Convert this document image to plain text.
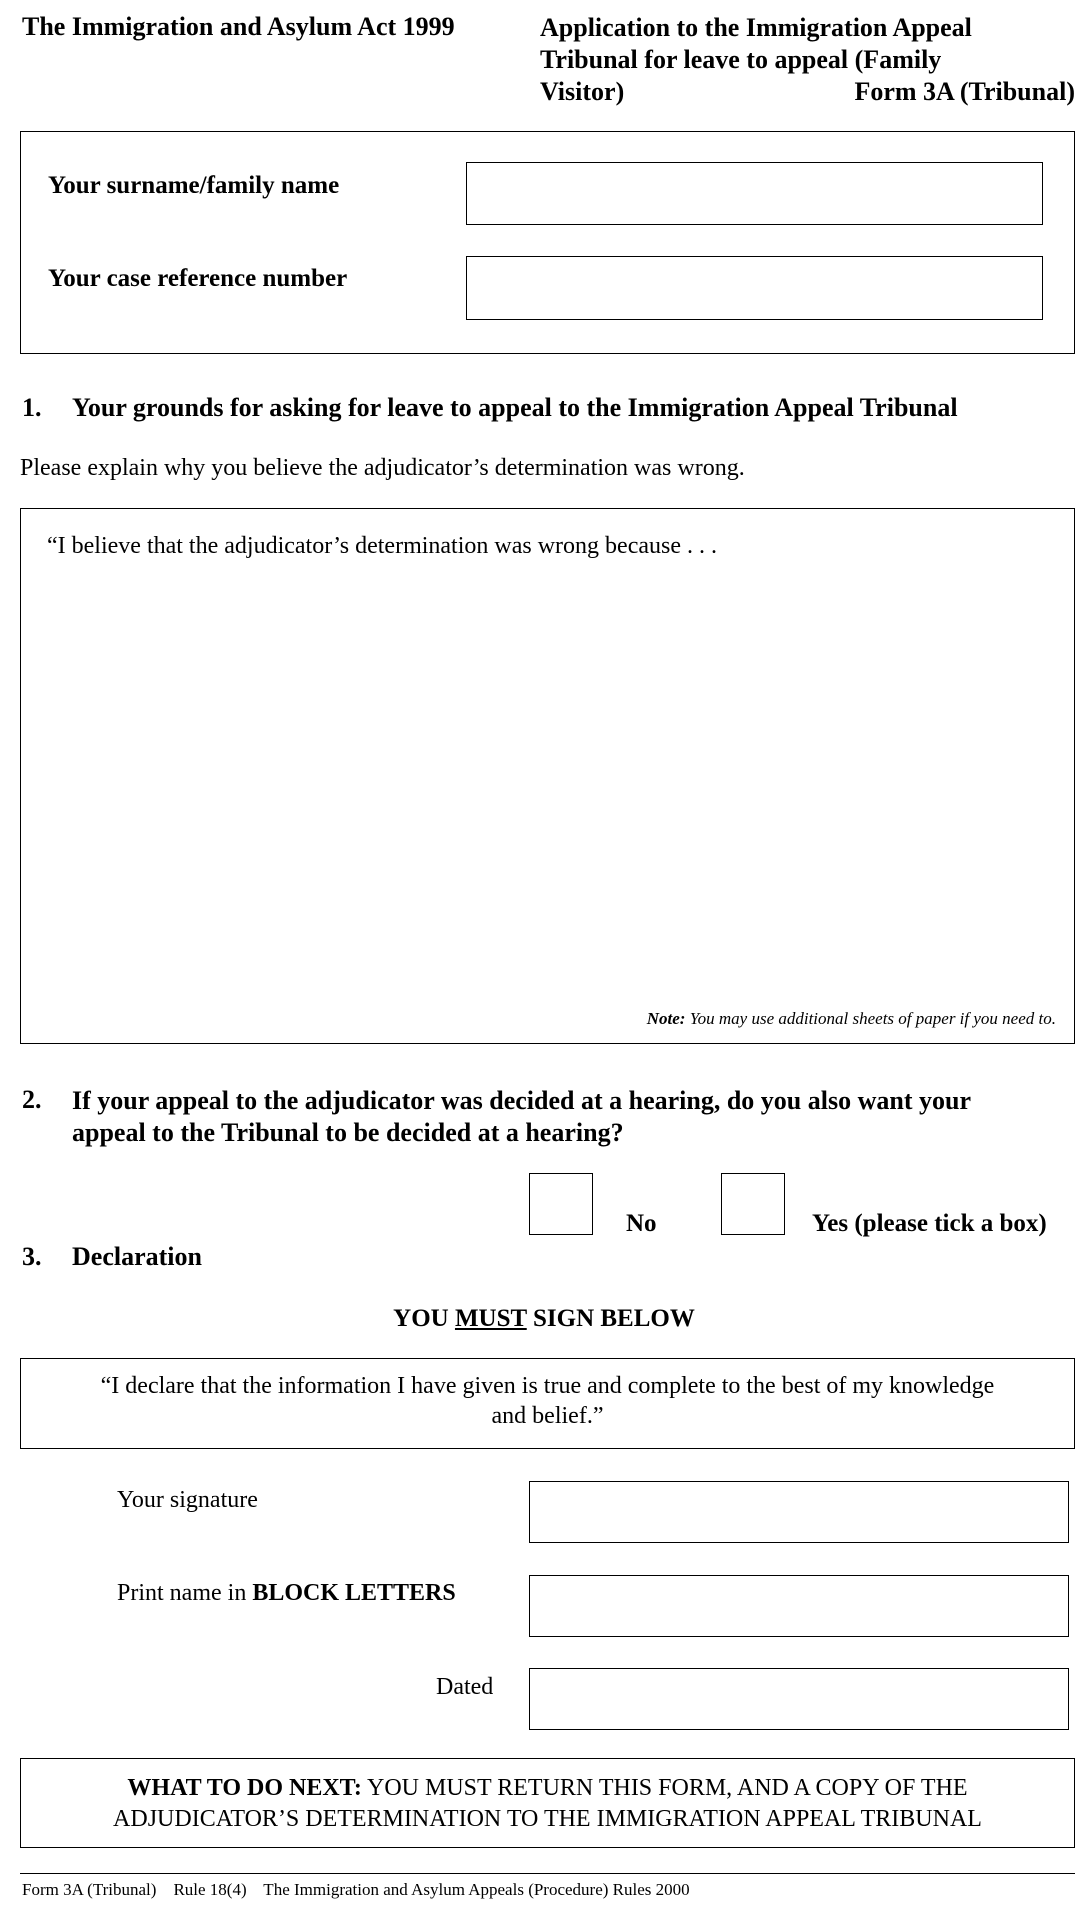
The Immigration and Asylum Act 1999	Application to the Immigration Appeal
Tribunal for leave to appeal (Family
Visitor)	Form 3A (Tribunal)
Your surname/family name
Your case reference number
1. Your grounds for asking for leave to appeal to the Immigration Appeal Tribunal
Please explain why you believe the adjudicator’s determination was wrong.
“I believe that the adjudicator’s determination was wrong because . . .
Note: You may use additional sheets of paper if you need to.
2. If your appeal to the adjudicator was decided at a hearing, do you also want your
appeal to the Tribunal to be decided at a hearing?
No	Yes (please tick a box)
3. Declaration
YOU MUST SIGN BELOW
“I declare that the information I have given is true and complete to the best of my knowledge
and belief.”
Your signature
Print name in BLOCK LETTERS
Dated
WHAT TO DO NEXT: YOU MUST RETURN THIS FORM, AND A COPY OF THE
ADJUDICATOR’S DETERMINATION TO THE IMMIGRATION APPEAL TRIBUNAL
Form 3A (Tribunal)    Rule 18(4)    The Immigration and Asylum Appeals (Procedure) Rules 2000
